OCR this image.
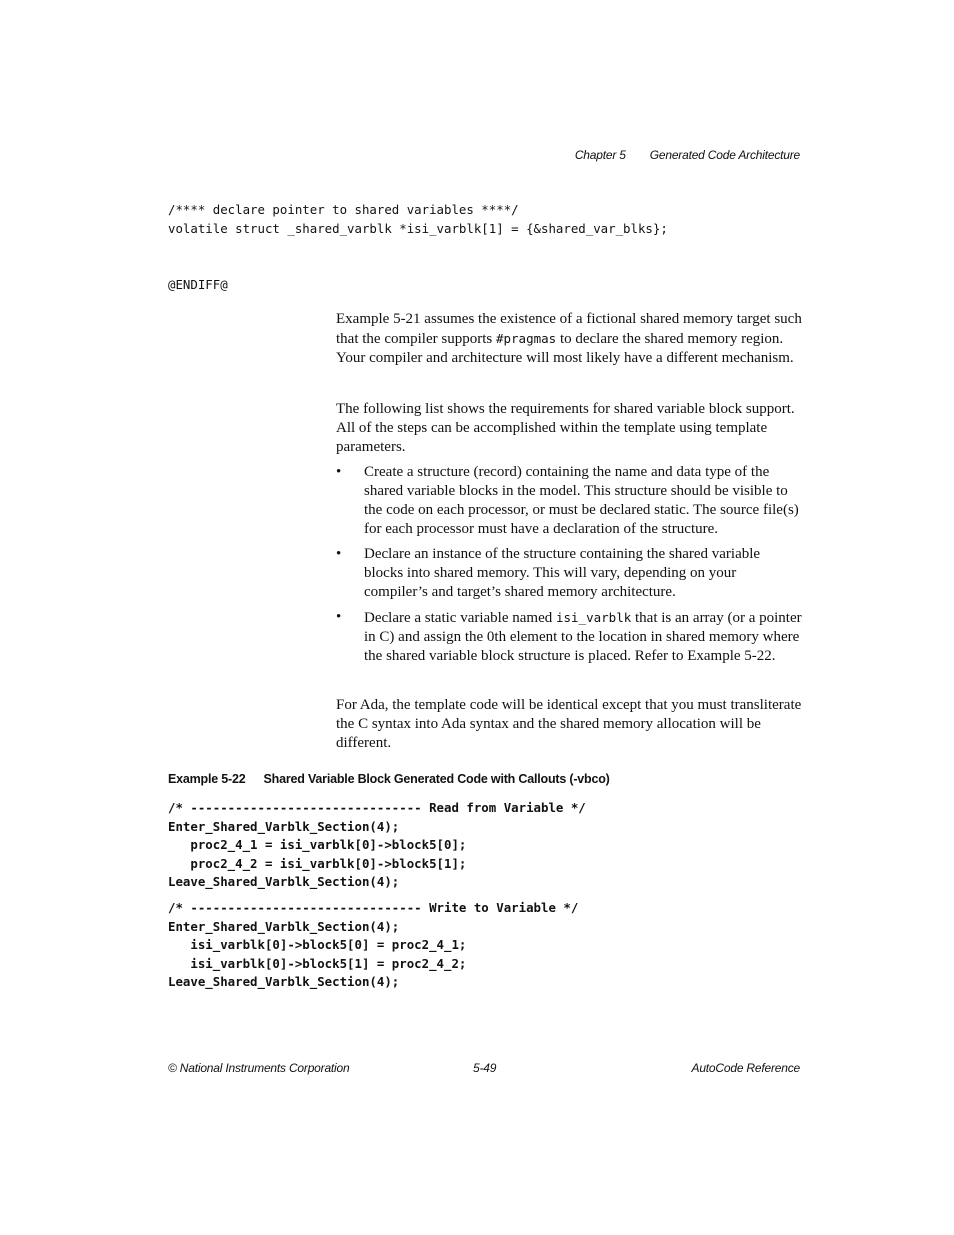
Chapter 5 Generated Code Architecture
/**** declare pointer to shared variables ****/
volatile struct _shared_varblk *isi_varblk[1] = {&shared_var_blks};
@ENDIFF@
Example 5-21 assumes the existence of a fictional shared memory target such that the compiler supports #pragmas to declare the shared memory region. Your compiler and architecture will most likely have a different mechanism.
The following list shows the requirements for shared variable block support. All of the steps can be accomplished within the template using template parameters.
• Create a structure (record) containing the name and data type of the shared variable blocks in the model. This structure should be visible to the code on each processor, or must be declared static. The source file(s) for each processor must have a declaration of the structure.
• Declare an instance of the structure containing the shared variable blocks into shared memory. This will vary, depending on your compiler’s and target’s shared memory architecture.
• Declare a static variable named isi_varblk that is an array (or a pointer in C) and assign the 0th element to the location in shared memory where the shared variable block structure is placed. Refer to Example 5-22.
For Ada, the template code will be identical except that you must transliterate the C syntax into Ada syntax and the shared memory allocation will be different.
Example 5-22 Shared Variable Block Generated Code with Callouts (-vbco)
/* ------------------------------- Read from Variable */
Enter_Shared_Varblk_Section(4);
proc2_4_1 = isi_varblk[0]->block5[0];
proc2_4_2 = isi_varblk[0]->block5[1];
Leave_Shared_Varblk_Section(4);
/* ------------------------------- Write to Variable */
Enter_Shared_Varblk_Section(4);
isi_varblk[0]->block5[0] = proc2_4_1;
isi_varblk[0]->block5[1] = proc2_4_2;
Leave_Shared_Varblk_Section(4);
© National Instruments Corporation	5-49	AutoCode Reference
